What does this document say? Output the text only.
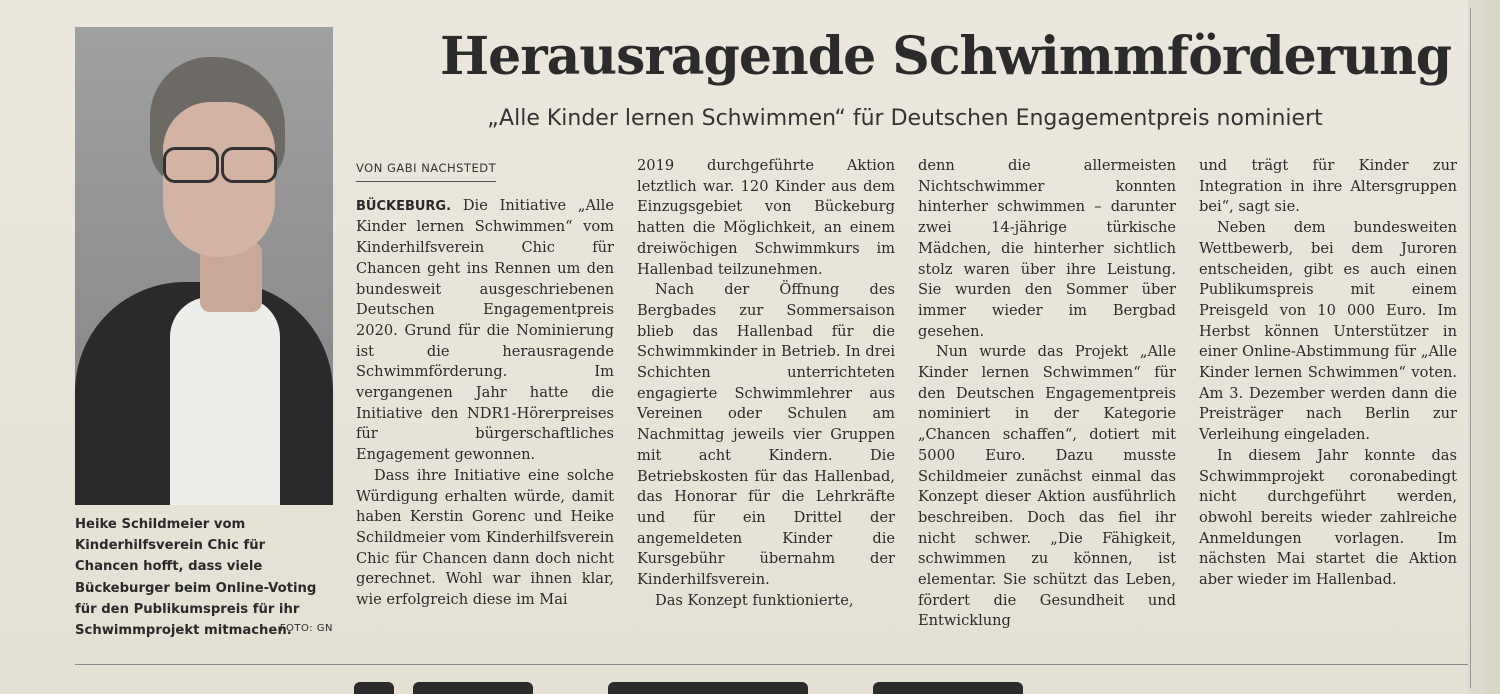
Herausragende Schwimmförderung
„Alle Kinder lernen Schwimmen“ für Deutschen Engagementpreis nominiert
Heike Schildmeier vom Kinderhilfsverein Chic für Chancen hofft, dass viele Bückeburger beim Online-Voting für den Publikumspreis für ihr Schwimmprojekt mitmachen.
FOTO: GN
VON GABI NACHSTEDT

BÜCKEBURG. Die Initiative „Alle Kinder lernen Schwimmen“ vom Kinderhilfsverein Chic für Chancen geht ins Rennen um den bundesweit ausgeschriebenen Deutschen Engagementpreis 2020. Grund für die Nominierung ist die herausragende Schwimmförderung. Im vergangenen Jahr hatte die Initiative den NDR1-Hörerpreises für bürgerschaftliches Engagement gewonnen.

Dass ihre Initiative eine solche Würdigung erhalten würde, damit haben Kerstin Gorenc und Heike Schildmeier vom Kinderhilfsverein Chic für Chancen dann doch nicht gerechnet. Wohl war ihnen klar, wie erfolgreich diese im Mai

2019 durchgeführte Aktion letztlich war. 120 Kinder aus dem Einzugsgebiet von Bückeburg hatten die Möglichkeit, an einem dreiwöchigen Schwimmkurs im Hallenbad teilzunehmen.

Nach der Öffnung des Bergbades zur Sommersaison blieb das Hallenbad für die Schwimmkinder in Betrieb. In drei Schichten unterrichteten engagierte Schwimmlehrer aus Vereinen oder Schulen am Nachmittag jeweils vier Gruppen mit acht Kindern. Die Betriebskosten für das Hallenbad, das Honorar für die Lehrkräfte und für ein Drittel der angemeldeten Kinder die Kursgebühr übernahm der Kinderhilfsverein.

Das Konzept funktionierte,

denn die allermeisten Nichtschwimmer konnten hinterher schwimmen – darunter zwei 14-jährige türkische Mädchen, die hinterher sichtlich stolz waren über ihre Leistung. Sie wurden den Sommer über immer wieder im Bergbad gesehen.

Nun wurde das Projekt „Alle Kinder lernen Schwimmen“ für den Deutschen Engagementpreis nominiert in der Kategorie „Chancen schaffen“, dotiert mit 5000 Euro. Dazu musste Schildmeier zunächst einmal das Konzept dieser Aktion ausführlich beschreiben. Doch das fiel ihr nicht schwer. „Die Fähigkeit, schwimmen zu können, ist elementar. Sie schützt das Leben, fördert die Gesundheit und Entwicklung

und trägt für Kinder zur Integration in ihre Altersgruppen bei“, sagt sie.

Neben dem bundesweiten Wettbewerb, bei dem Juroren entscheiden, gibt es auch einen Publikumspreis mit einem Preisgeld von 10 000 Euro. Im Herbst können Unterstützer in einer Online-Abstimmung für „Alle Kinder lernen Schwimmen“ voten. Am 3. Dezember werden dann die Preisträger nach Berlin zur Verleihung eingeladen.

In diesem Jahr konnte das Schwimmprojekt coronabedingt nicht durchgeführt werden, obwohl bereits wieder zahlreiche Anmeldungen vorlagen. Im nächsten Mai startet die Aktion aber wieder im Hallenbad.
